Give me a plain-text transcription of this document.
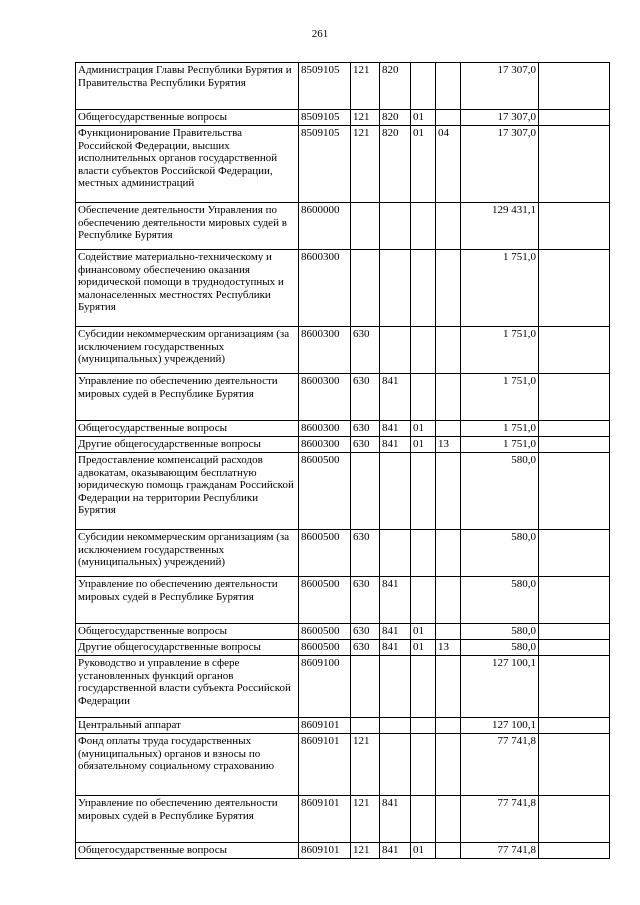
261
Администрация Главы Республики Бурятия и Правительства Республики Бурятия	8509105	121	820			17 307,0	
Общегосударственные вопросы	8509105	121	820	01		17 307,0	
Функционирование Правительства Российской Федерации, высших исполнительных органов государственной власти субъектов Российской Федерации, местных администраций	8509105	121	820	01	04	17 307,0	
Обеспечение деятельности Управления по обеспечению деятельности мировых судей в Республике Бурятия	8600000					129 431,1	
Содействие материально-техническому и финансовому обеспечению оказания юридической помощи в труднодоступных и малонаселенных местностях Республики Бурятия	8600300					1 751,0	
Субсидии некоммерческим организациям (за исключением государственных (муниципальных) учреждений)	8600300	630				1 751,0	
Управление по обеспечению деятельности мировых судей в Республике Бурятия	8600300	630	841			1 751,0	
Общегосударственные вопросы	8600300	630	841	01		1 751,0	
Другие общегосударственные вопросы	8600300	630	841	01	13	1 751,0	
Предоставление компенсаций расходов адвокатам, оказывающим бесплатную юридическую помощь гражданам Российской Федерации на территории Республики Бурятия	8600500					580,0	
Субсидии некоммерческим организациям (за исключением государственных (муниципальных) учреждений)	8600500	630				580,0	
Управление по обеспечению деятельности мировых судей в Республике Бурятия	8600500	630	841			580,0	
Общегосударственные вопросы	8600500	630	841	01		580,0	
Другие общегосударственные вопросы	8600500	630	841	01	13	580,0	
Руководство и управление в сфере установленных функций органов государственной власти субъекта Российской Федерации	8609100					127 100,1	
Центральный аппарат	8609101					127 100,1	
Фонд оплаты труда государственных (муниципальных) органов и взносы по обязательному социальному страхованию	8609101	121				77 741,8	
Управление по обеспечению деятельности мировых судей в Республике Бурятия	8609101	121	841			77 741,8	
Общегосударственные вопросы	8609101	121	841	01		77 741,8	
